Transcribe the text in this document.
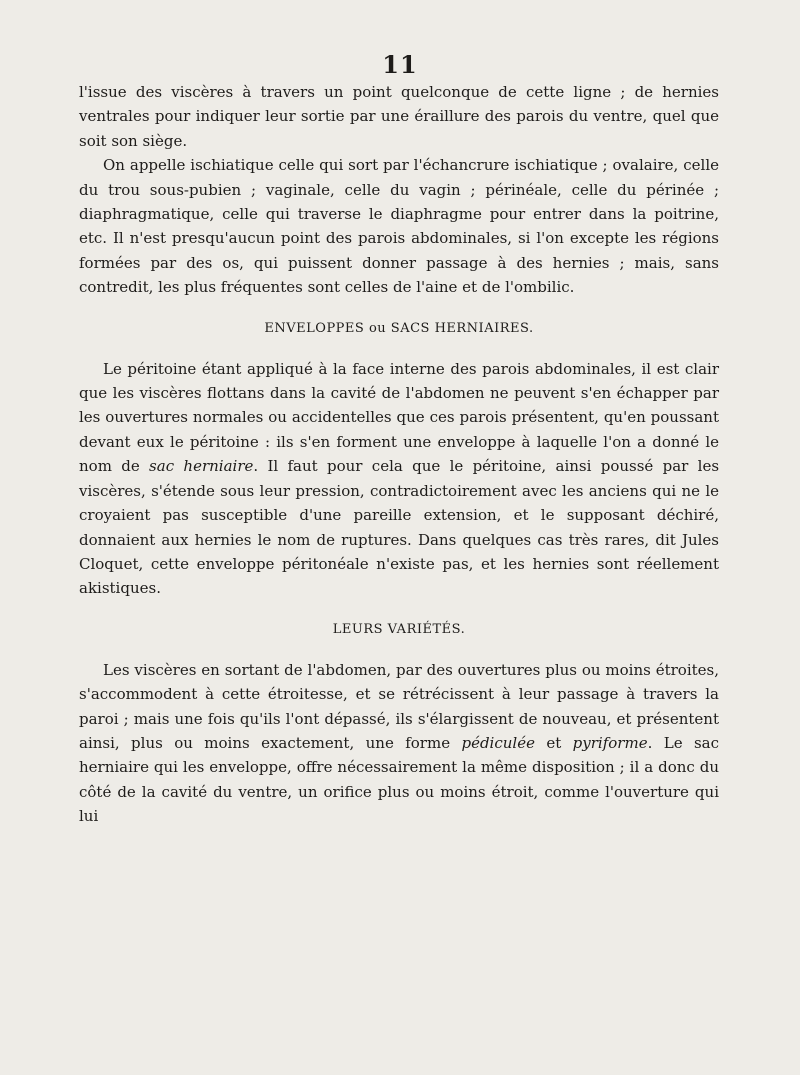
11

l'issue des viscères à travers un point quelconque de cette ligne ; de hernies ventrales pour indiquer leur sortie par une éraillure des parois du ventre, quel que soit son siège.

On appelle ischiatique celle qui sort par l'échancrure ischiatique ; ovalaire, celle du trou sous-pubien ; vaginale, celle du vagin ; périnéale, celle du périnée ; diaphragmatique, celle qui traverse le diaphragme pour entrer dans la poitrine, etc. Il n'est presqu'aucun point des parois abdominales, si l'on excepte les régions formées par des os, qui puissent donner passage à des hernies ; mais, sans contredit, les plus fréquentes sont celles de l'aine et de l'ombilic.

ENVELOPPES ou SACS HERNIAIRES.

Le péritoine étant appliqué à la face interne des parois abdominales, il est clair que les viscères flottans dans la cavité de l'abdomen ne peuvent s'en échapper par les ouvertures normales ou accidentelles que ces parois présentent, qu'en poussant devant eux le péritoine : ils s'en forment une enveloppe à laquelle l'on a donné le nom de sac herniaire. Il faut pour cela que le péritoine, ainsi poussé par les viscères, s'étende sous leur pression, contradictoirement avec les anciens qui ne le croyaient pas susceptible d'une pareille extension, et le supposant déchiré, donnaient aux hernies le nom de ruptures. Dans quelques cas très rares, dit Jules Cloquet, cette enveloppe péritonéale n'existe pas, et les hernies sont réellement akistiques.

LEURS VARIÉTÉS.

Les viscères en sortant de l'abdomen, par des ouvertures plus ou moins étroites, s'accommodent à cette étroitesse, et se rétrécissent à leur passage à travers la paroi ; mais une fois qu'ils l'ont dépassé, ils s'élargissent de nouveau, et présentent ainsi, plus ou moins exactement, une forme pédiculée et pyriforme. Le sac herniaire qui les enveloppe, offre nécessairement la même disposition ; il a donc du côté de la cavité du ventre, un orifice plus ou moins étroit, comme l'ouverture qui lui
